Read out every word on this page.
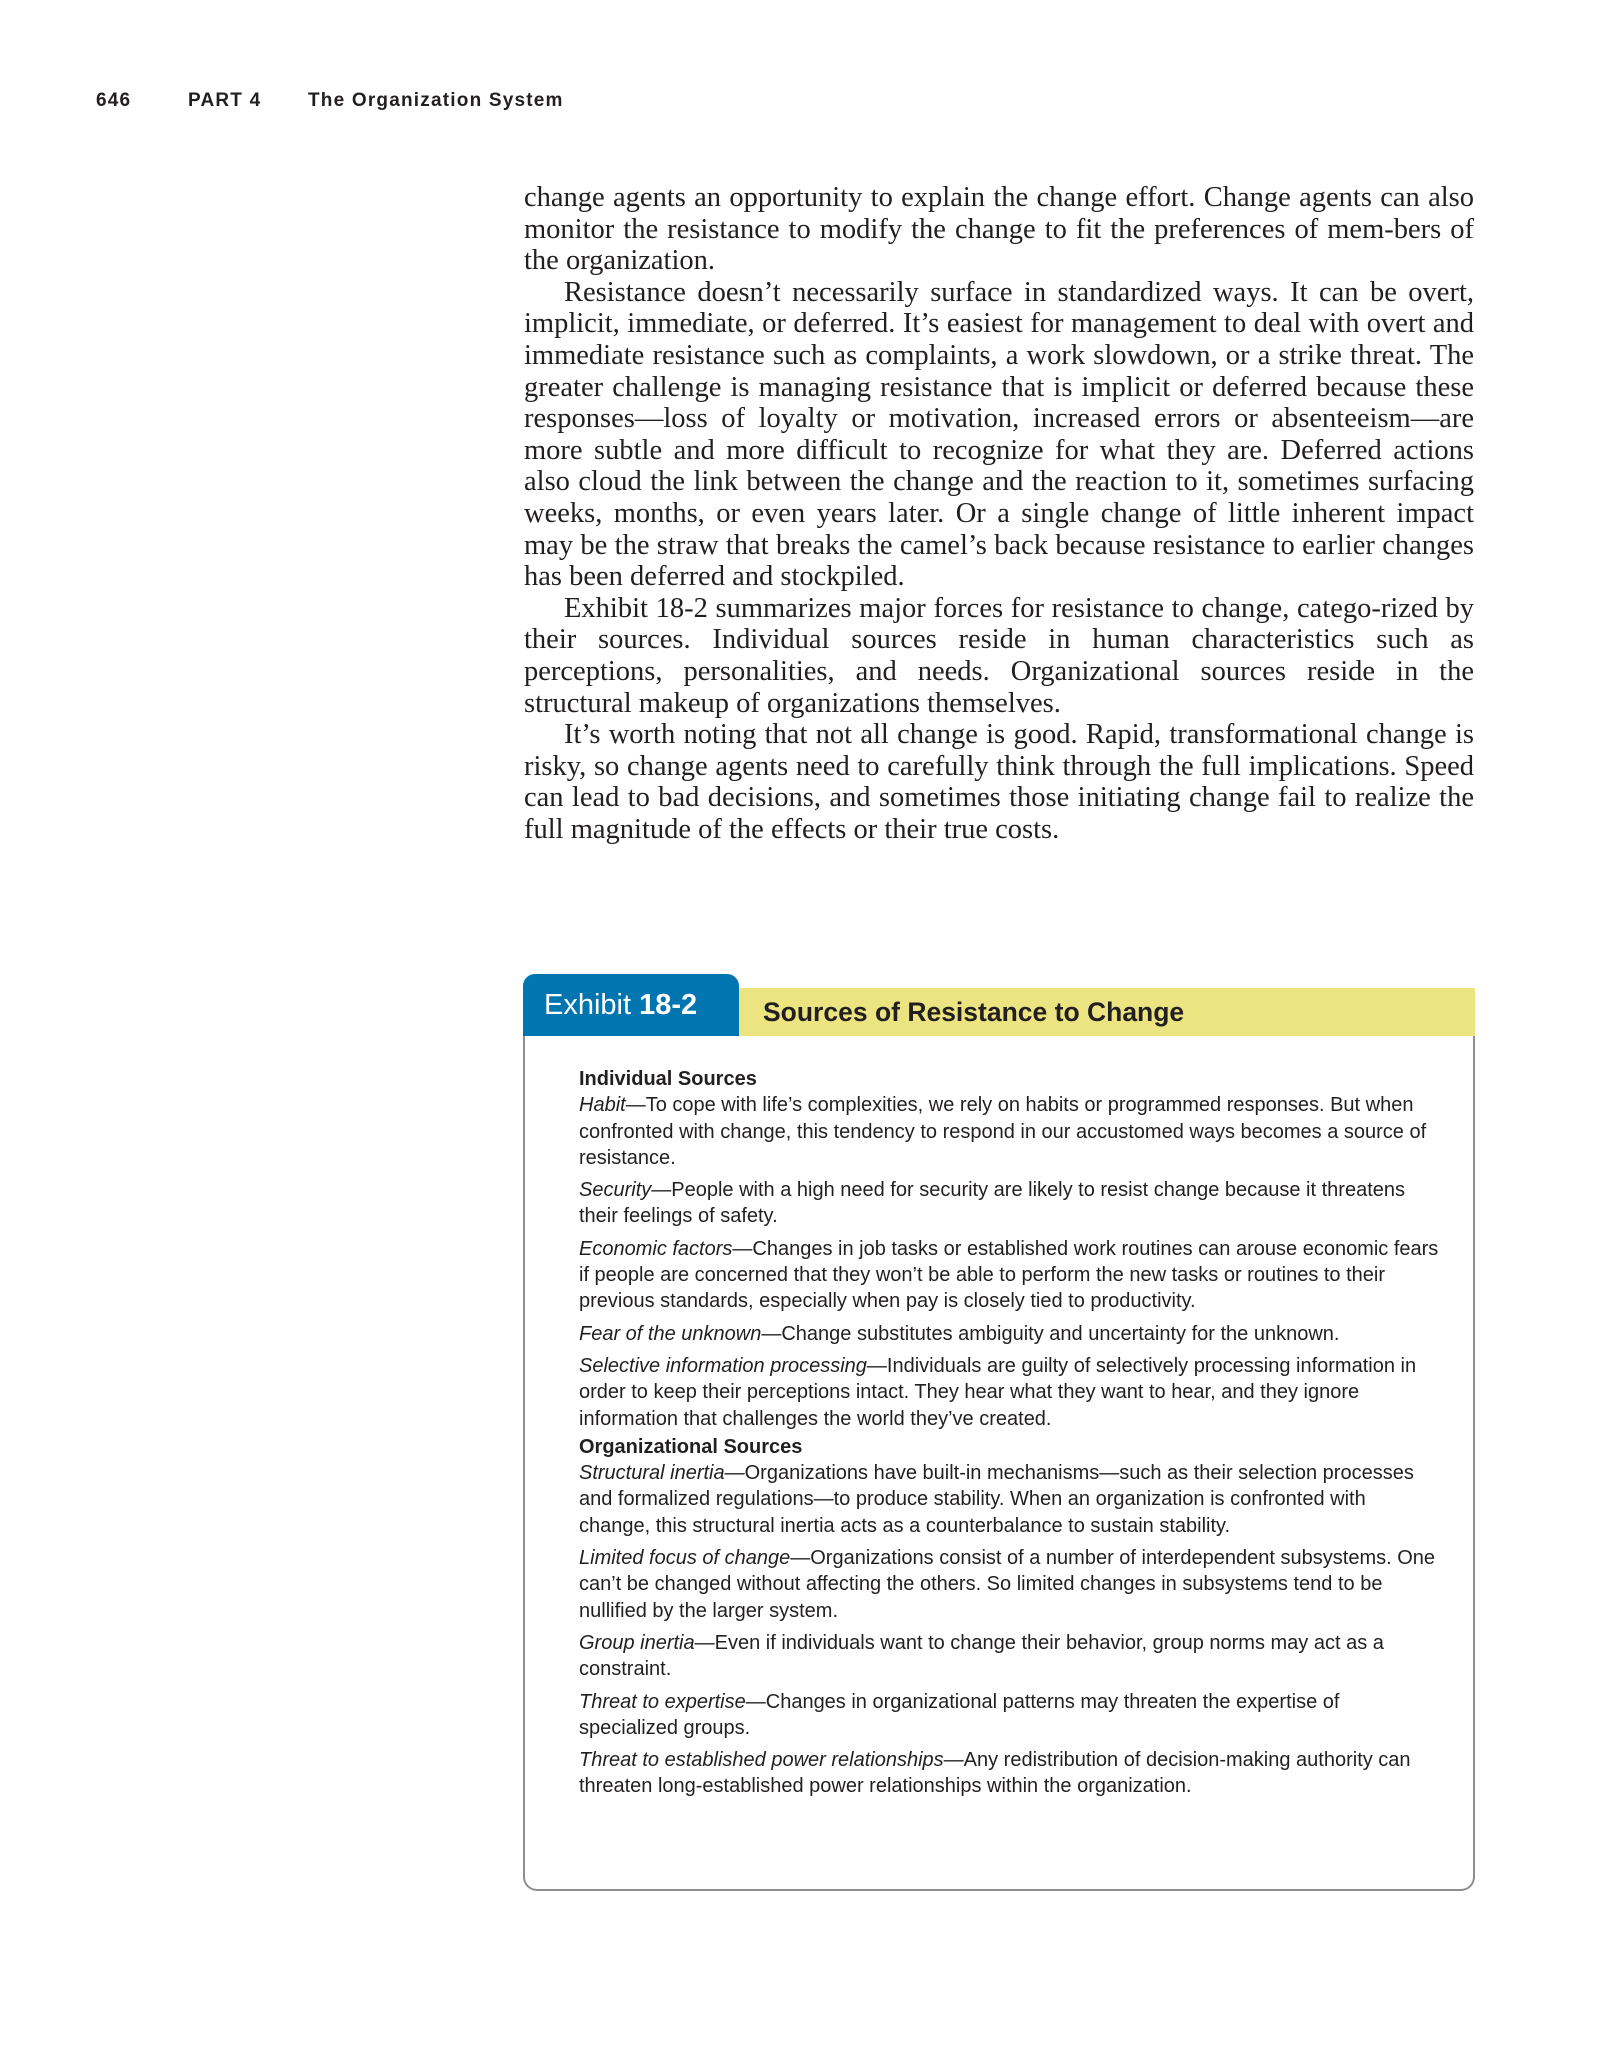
646	PART 4 The Organization System

change agents an opportunity to explain the change effort. Change agents can also monitor the resistance to modify the change to fit the preferences of mem-bers of the organization.

Resistance doesn’t necessarily surface in standardized ways. It can be overt, implicit, immediate, or deferred. It’s easiest for management to deal with overt and immediate resistance such as complaints, a work slowdown, or a strike threat. The greater challenge is managing resistance that is implicit or deferred because these responses—loss of loyalty or motivation, increased errors or absenteeism—are more subtle and more difficult to recognize for what they are. Deferred actions also cloud the link between the change and the reaction to it, sometimes surfacing weeks, months, or even years later. Or a single change of little inherent impact may be the straw that breaks the camel’s back because resistance to earlier changes has been deferred and stockpiled.

Exhibit 18-2 summarizes major forces for resistance to change, catego-rized by their sources. Individual sources reside in human characteristics such as perceptions, personalities, and needs. Organizational sources reside in the structural makeup of organizations themselves.

It’s worth noting that not all change is good. Rapid, transformational change is risky, so change agents need to carefully think through the full implications. Speed can lead to bad decisions, and sometimes those initiating change fail to realize the full magnitude of the effects or their true costs.

Exhibit 18-2	Sources of Resistance to Change

Individual Sources

Habit—To cope with life’s complexities, we rely on habits or programmed responses. But when confronted with change, this tendency to respond in our accustomed ways becomes a source of resistance.

Security—People with a high need for security are likely to resist change because it threatens their feelings of safety.

Economic factors—Changes in job tasks or established work routines can arouse economic fears if people are concerned that they won’t be able to perform the new tasks or routines to their previous standards, especially when pay is closely tied to productivity.

Fear of the unknown—Change substitutes ambiguity and uncertainty for the unknown.

Selective information processing—Individuals are guilty of selectively processing information in order to keep their perceptions intact. They hear what they want to hear, and they ignore information that challenges the world they’ve created.

Organizational Sources

Structural inertia—Organizations have built-in mechanisms—such as their selection processes and formalized regulations—to produce stability. When an organization is confronted with change, this structural inertia acts as a counterbalance to sustain stability.

Limited focus of change—Organizations consist of a number of interdependent subsystems. One can’t be changed without affecting the others. So limited changes in subsystems tend to be nullified by the larger system.

Group inertia—Even if individuals want to change their behavior, group norms may act as a constraint.

Threat to expertise—Changes in organizational patterns may threaten the expertise of specialized groups.

Threat to established power relationships—Any redistribution of decision-making authority can threaten long-established power relationships within the organization.
